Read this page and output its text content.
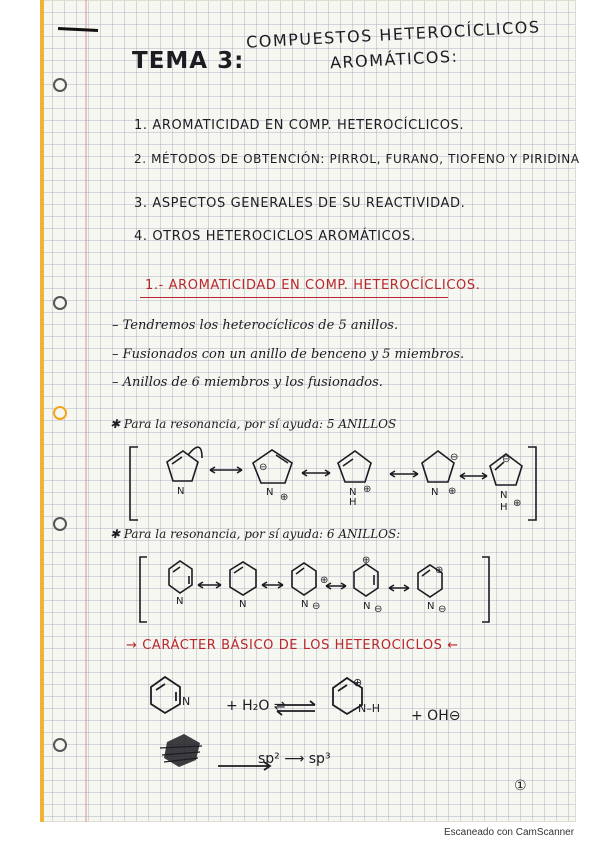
TEMA 3:
COMPUESTOS HETEROCÍCLICOS
AROMÁTICOS:
1. AROMATICIDAD EN COMP. HETEROCÍCLICOS.
2. MÉTODOS DE OBTENCIÓN: PIRROL, FURANO, TIOFENO Y PIRIDINA
3. ASPECTOS GENERALES DE SU REACTIVIDAD.
4. OTROS HETEROCICLOS AROMÁTICOS.
1.- AROMATICIDAD EN COMP. HETEROCÍCLICOS.
– Tendremos los heterocíclicos de 5 anillos.
– Fusionados con un anillo de benceno y 5 miembros.
– Anillos de 6 miembros y los fusionados.
✱ Para la resonancia, por sí ayuda: 5 ANILLOS
N	N ⊕
⊖
N ⊕
H
N
⊖
⊕	N
⊖
⊕
H
✱ Para la resonancia, por sí ayuda: 6 ANILLOS:
N	N
⊕
N ⊖
⊕
N ⊖
⊕
N ⊖
→ CARÁCTER BÁSICO DE LOS HETEROCICLOS ←
N
N–H
⊕
+ H₂O ⇌
+ OH⊖
sp² ⟶ sp³
①
Escaneado con CamScanner
